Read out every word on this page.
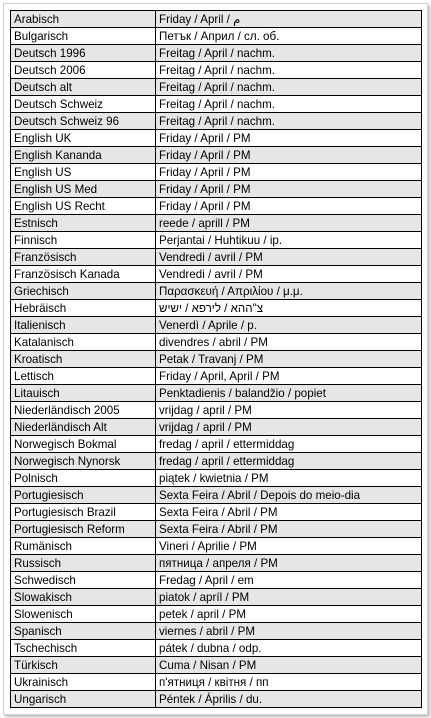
Arabisch	Friday / April / م
Bulgarisch	Петък / Април / сл. об.
Deutsch 1996	Freitag / April / nachm.
Deutsch 2006	Freitag / April / nachm.
Deutsch alt	Freitag / April / nachm.
Deutsch Schweiz	Freitag / April / nachm.
Deutsch Schweiz 96	Freitag / April / nachm.
English UK	Friday / April / PM
English Kananda	Friday / April / PM
English US	Friday / April / PM
English US Med	Friday / April / PM
English US Recht	Friday / April / PM
Estnisch	reede / aprill / PM
Finnisch	Perjantai / Huhtikuu / ip.
Französisch	Vendredi / avril / PM
Französisch Kanada	Vendredi / avril / PM
Griechisch	Παρασκευή / Απριλίου / μ.μ.
Hebräisch	צ"ההא / לירפא / ישיש
Italienisch	Venerdì / Aprile / p.
Katalanisch	divendres / abril / PM
Kroatisch	Petak / Travanj / PM
Lettisch	Friday / April, April / PM
Litauisch	Penktadienis / balandžio / popiet
Niederländisch 2005	vrijdag / april / PM
Niederländisch Alt	vrijdag / april / PM
Norwegisch Bokmal	fredag / april / ettermiddag
Norwegisch Nynorsk	fredag / april / ettermiddag
Polnisch	piątek / kwietnia / PM
Portugiesisch	Sexta Feira / Abril / Depois do meio-dia
Portugiesisch Brazil	Sexta Feira / Abril / PM
Portugiesisch Reform	Sexta Feira / Abril / PM
Rumänisch	Vineri / Aprilie / PM
Russisch	пятница / апреля / PM
Schwedisch	Fredag / April / em
Slowakisch	piatok / apríl / PM
Slowenisch	petek / april / PM
Spanisch	viernes / abril / PM
Tschechisch	pátek / dubna / odp.
Türkisch	Cuma / Nisan / PM
Ukrainisch	п'ятниця / квітня / пп
Ungarisch	Péntek / Április / du.
